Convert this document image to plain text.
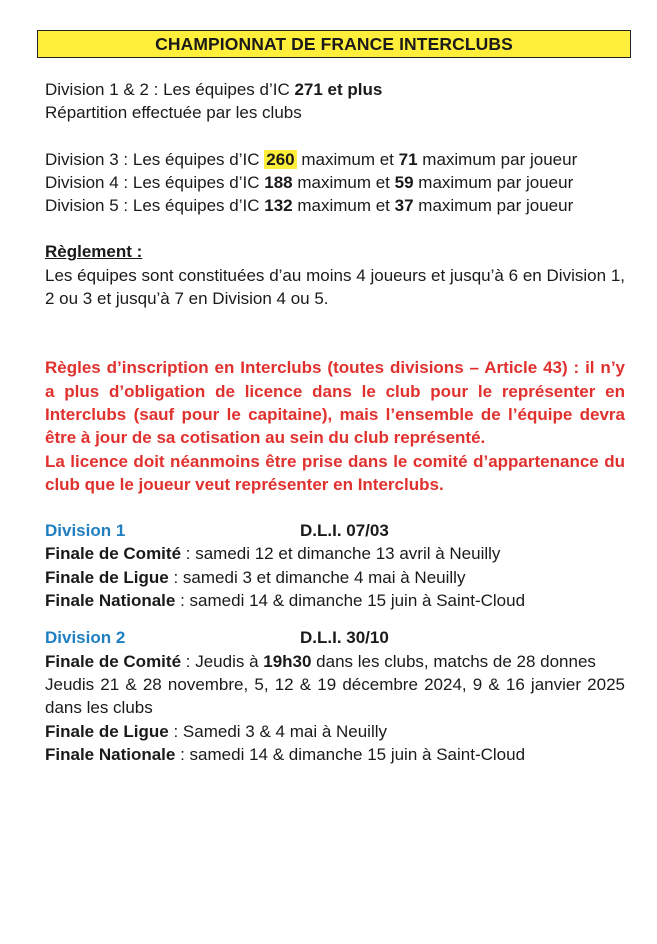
CHAMPIONNAT DE FRANCE INTERCLUBS

Division 1 & 2 : Les équipes d’IC 271 et plus

Répartition effectuée par les clubs

Division 3 : Les équipes d’IC 260 maximum et 71 maximum par joueur

Division 4 : Les équipes d’IC 188 maximum et 59 maximum par joueur

Division 5 : Les équipes d’IC 132 maximum et 37 maximum par joueur

Règlement :

Les équipes sont constituées d’au moins 4 joueurs et jusqu’à 6 en Division 1, 2 ou 3 et jusqu’à 7 en Division 4 ou 5.

Règles d’inscription en Interclubs (toutes divisions – Article 43) : il n’y a plus d’obligation de licence dans le club pour le représenter en Interclubs (sauf pour le capitaine), mais l’ensemble de l’équipe devra être à jour de sa cotisation au sein du club représenté.

La licence doit néanmoins être prise dans le comité d’appartenance du club que le joueur veut représenter en Interclubs.

Division 1	D.L.I. 07/03

Finale de Comité : samedi 12 et dimanche 13 avril à Neuilly

Finale de Ligue : samedi 3 et dimanche 4 mai à Neuilly

Finale Nationale : samedi 14 & dimanche 15 juin à Saint-Cloud

Division 2	D.L.I. 30/10

Finale de Comité : Jeudis à 19h30 dans les clubs, matchs de 28 donnes

Jeudis 21 & 28 novembre, 5, 12 & 19 décembre 2024, 9 & 16 janvier 2025 dans les clubs

Finale de Ligue : Samedi 3 & 4 mai à Neuilly

Finale Nationale : samedi 14 & dimanche 15 juin à Saint-Cloud
